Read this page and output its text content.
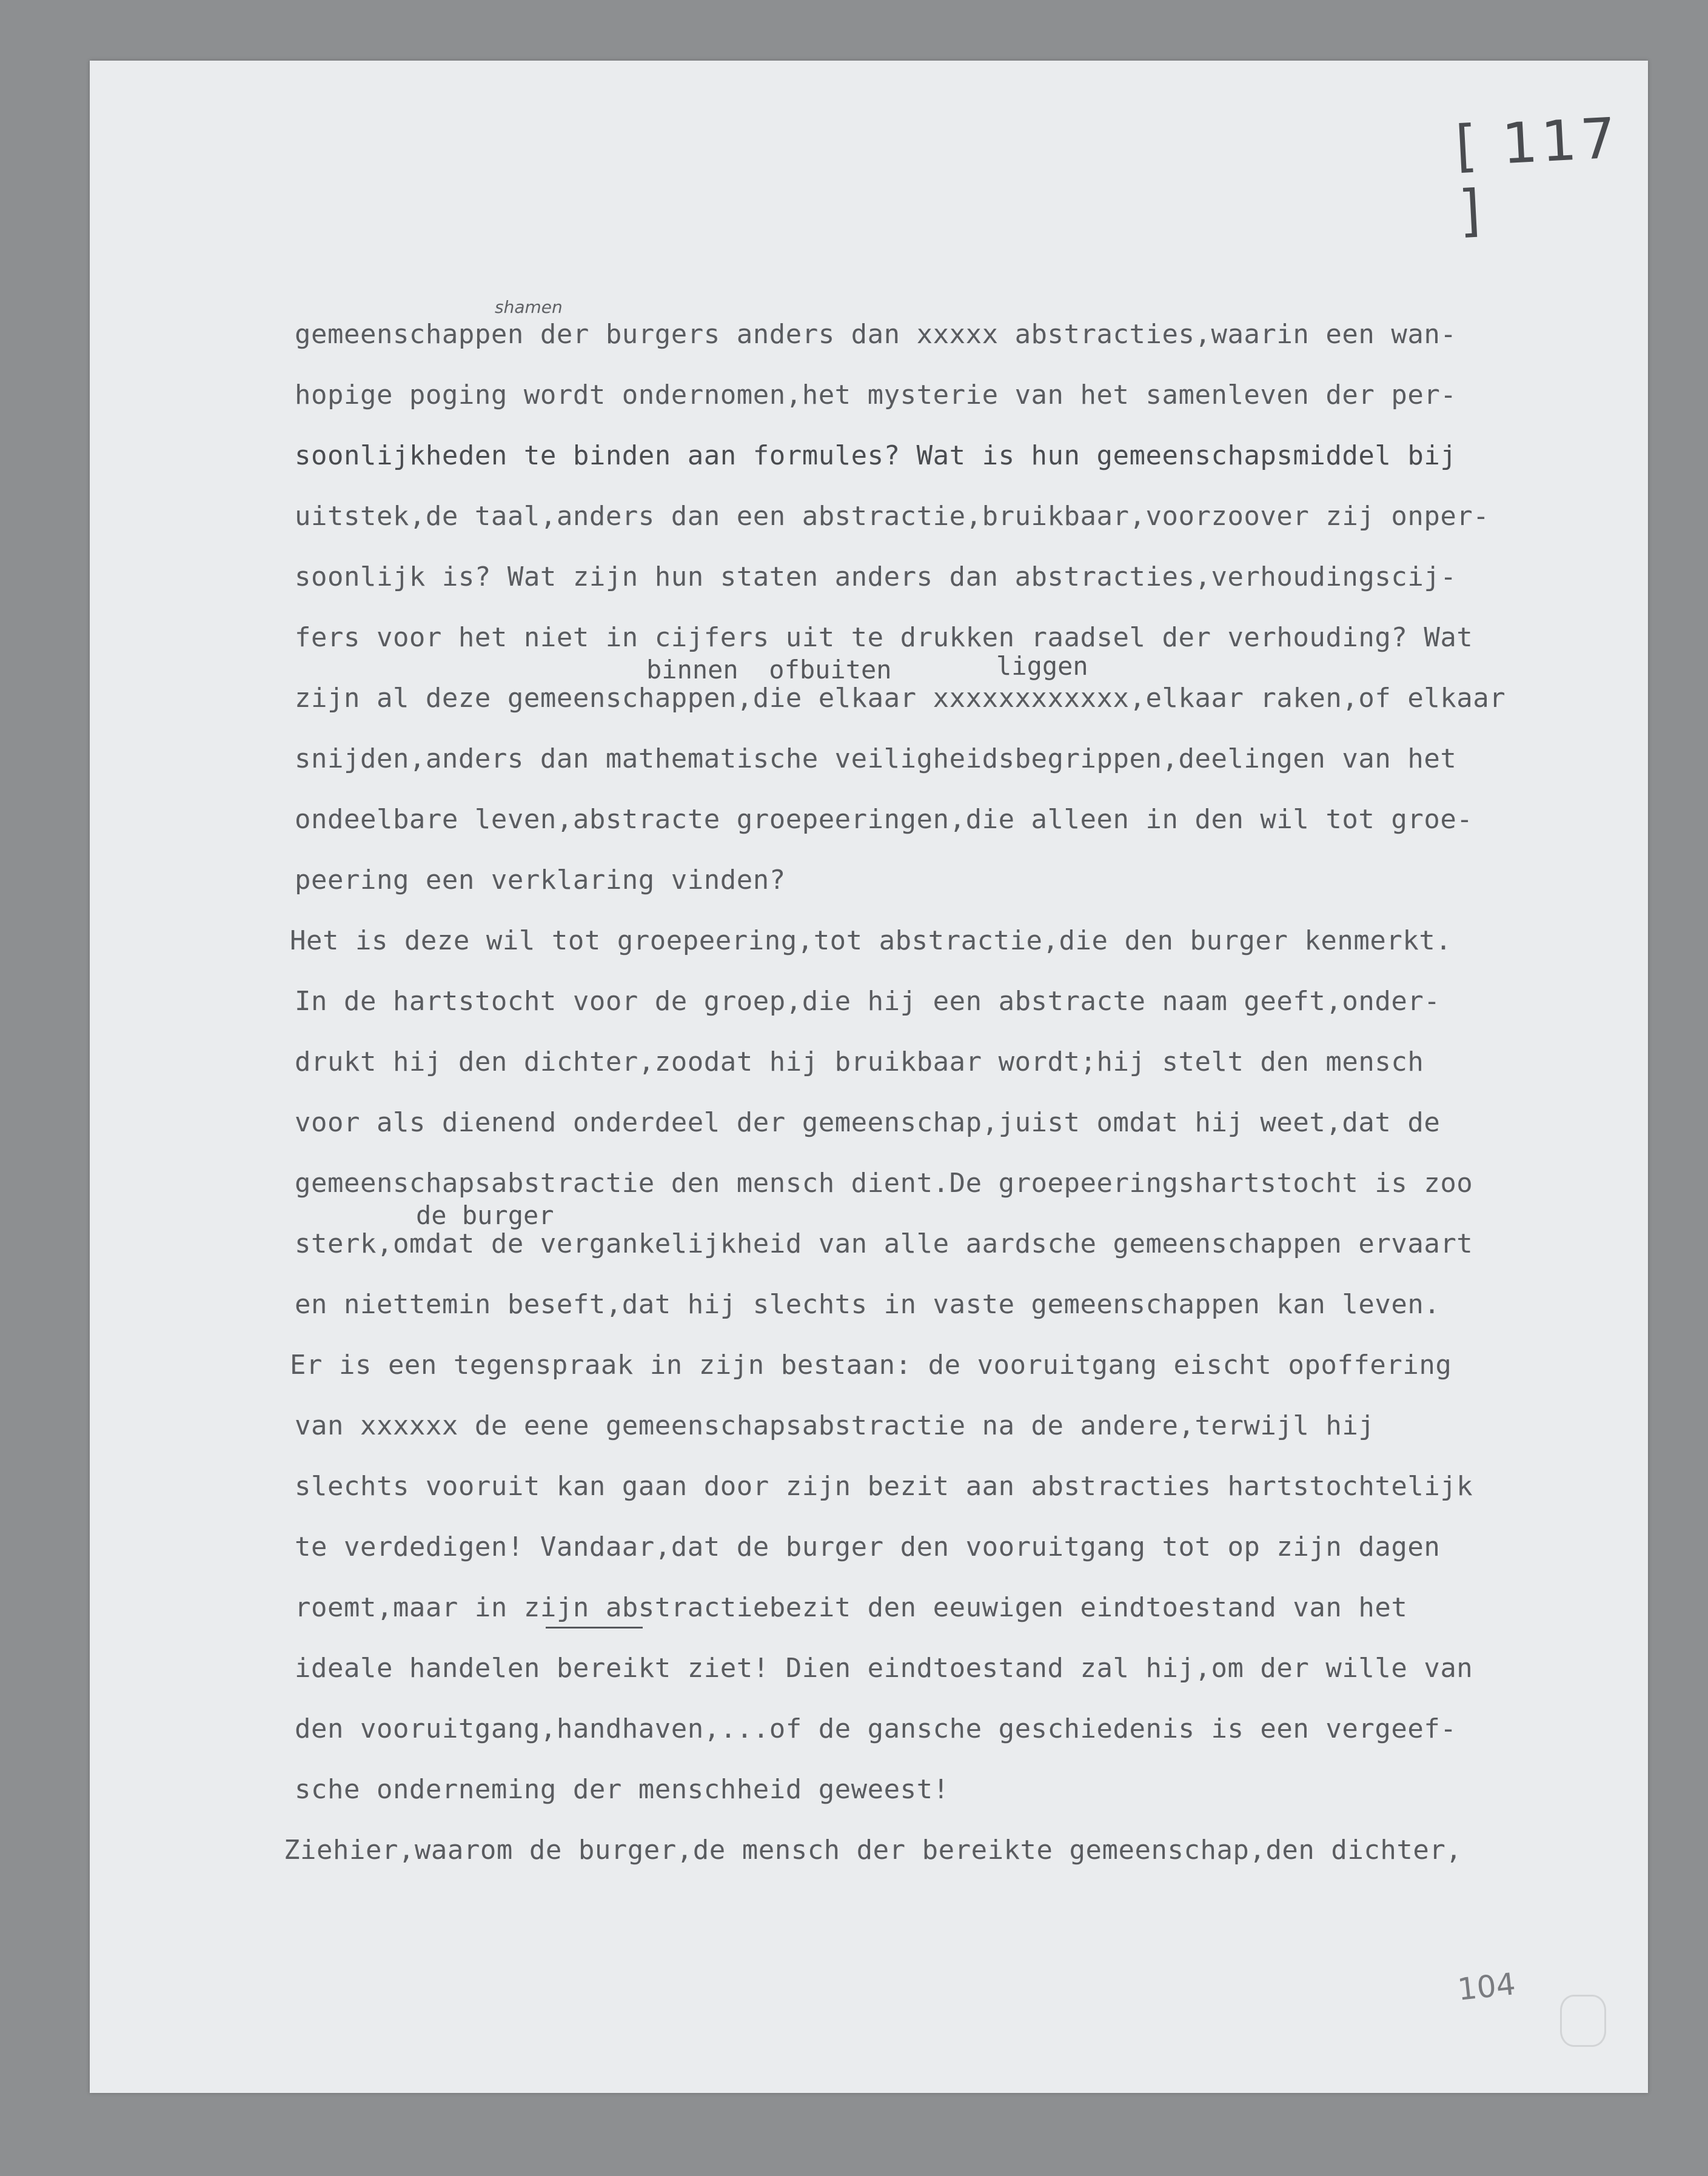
[ 117 ]
gemeenschappen der burgers anders dan xxxxx abstracties,waarin een wan-
hopige poging wordt ondernomen,het mysterie van het samenleven der per-
soonlijkheden te binden aan formules? Wat is hun gemeenschapsmiddel bij
uitstek,de taal,anders dan een abstractie,bruikbaar,voorzoover zij onper-
soonlijk is? Wat zijn hun staten anders dan abstracties,verhoudingscij-
fers voor het niet in cijfers uit te drukken raadsel der verhouding? Wat
zijn al deze gemeenschappen,die elkaar xxxxxxxxxxxx,elkaar raken,of elkaar
snijden,anders dan mathematische veiligheidsbegrippen,deelingen van het
ondeelbare leven,abstracte groepeeringen,die alleen in den wil tot groe-
peering een verklaring vinden?
Het is deze wil tot groepeering,tot abstractie,die den burger kenmerkt.
In de hartstocht voor de groep,die hij een abstracte naam geeft,onder-
drukt hij den dichter,zoodat hij bruikbaar wordt;hij stelt den mensch
voor als dienend onderdeel der gemeenschap,juist omdat hij weet,dat de
gemeenschapsabstractie den mensch dient.De groepeeringshartstocht is zoo
sterk,omdat de vergankelijkheid van alle aardsche gemeenschappen ervaart
en niettemin beseft,dat hij slechts in vaste gemeenschappen kan leven.
Er is een tegenspraak in zijn bestaan: de vooruitgang eischt opoffering
van xxxxxx de eene gemeenschapsabstractie na de andere,terwijl hij
slechts vooruit kan gaan door zijn bezit aan abstracties hartstochtelijk
te verdedigen! Vandaar,dat de burger den vooruitgang tot op zijn dagen
roemt,maar in zijn abstractiebezit den eeuwigen eindtoestand van het
ideale handelen bereikt ziet! Dien eindtoestand zal hij,om der wille van
den vooruitgang,handhaven,...of de gansche geschiedenis is een vergeef-
sche onderneming der menschheid geweest!
Ziehier,waarom de burger,de mensch der bereikte gemeenschap,den dichter,
shamen
binnen  ofbuiten	liggen
de burger
104
